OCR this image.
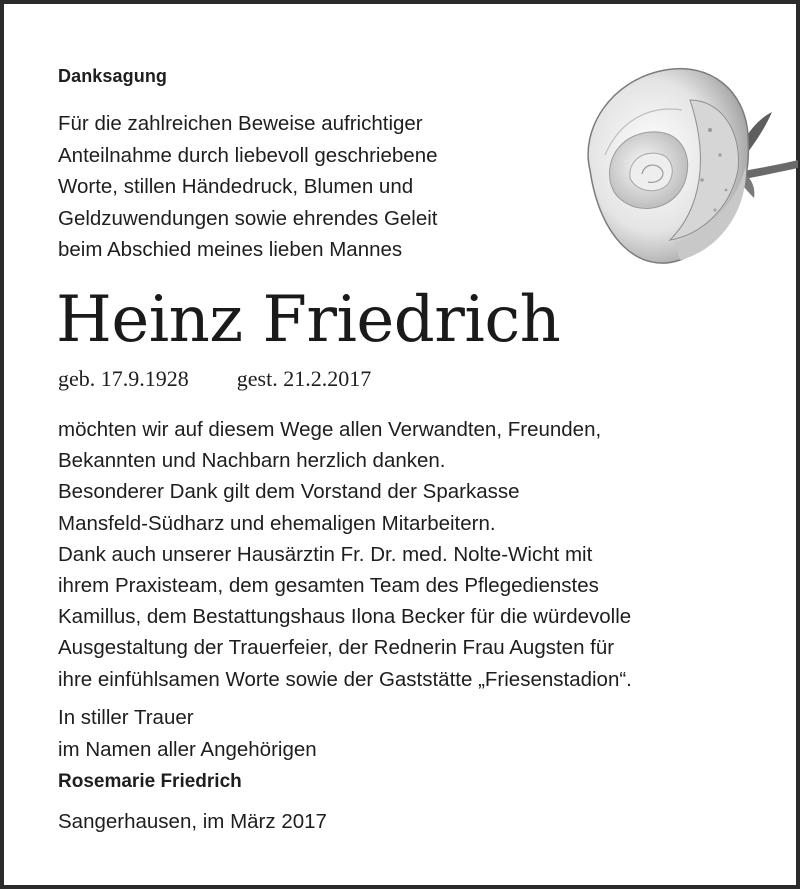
Danksagung
Für die zahlreichen Beweise aufrichtiger
Anteilnahme durch liebevoll geschriebene
Worte, stillen Händedruck, Blumen und
Geldzuwendungen sowie ehrendes Geleit
beim Abschied meines lieben Mannes
Heinz Friedrich
geb. 17.9.1928 gest. 21.2.2017
möchten wir auf diesem Wege allen Verwandten, Freunden,
Bekannten und Nachbarn herzlich danken.
Besonderer Dank gilt dem Vorstand der Sparkasse
Mansfeld-Südharz und ehemaligen Mitarbeitern.
Dank auch unserer Hausärztin Fr. Dr. med. Nolte-Wicht mit
ihrem Praxisteam, dem gesamten Team des Pflegedienstes
Kamillus, dem Bestattungshaus Ilona Becker für die würdevolle
Ausgestaltung der Trauerfeier, der Rednerin Frau Augsten für
ihre einfühlsamen Worte sowie der Gaststätte „Friesenstadion“.
In stiller Trauer
im Namen aller Angehörigen
Rosemarie Friedrich
Sangerhausen, im März 2017
